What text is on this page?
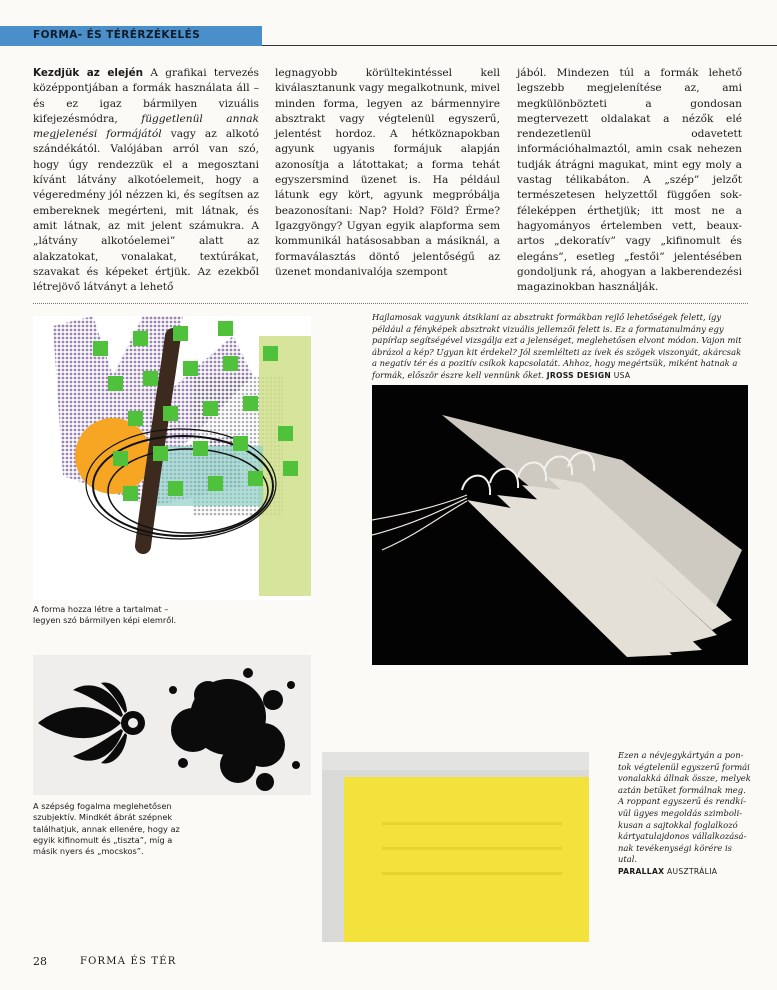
FORMA- ÉS TÉRÉRZÉKELÉS
Kezdjük az elején A grafikai tervezés középpontjában a formák használata áll – és ez igaz bármilyen vizuális kifejezésmódra, függetlenül annak megjelenési formájától vagy az alkotó szándékától. Valójában arról van szó, hogy úgy rendezzük el a megosztani kívánt látvány alkotóelemeit, hogy a végeredmény jól nézzen ki, és segítsen az embereknek megérteni, mit látnak, és amit látnak, az mit jelent számukra. A „látvány alkotóelemei” alatt az alakzatokat, vonalakat, textúrákat, szavakat és képeket értjük. Az ezekből létrejövő látványt a lehető
legnagyobb körültekintéssel kell kiválasztanunk vagy megalkotnunk, mivel minden forma, legyen az bármennyire absztrakt vagy végtelenül egyszerű, jelentést hordoz. A hétköznapokban agyunk ugyanis formájuk alapján azonosítja a látottakat; a forma tehát egyszersmind üzenet is. Ha például látunk egy kört, agyunk megpróbálja beazonosítani: Nap? Hold? Föld? Érme? Igazgyöngy? Ugyan egyik alapforma sem kommunikál hatásosabban a másiknál, a formaválasztás döntő jelentőségű az üzenet mondanivalója szempont
jából. Mindezen túl a formák lehető legszebb megjelenítése az, ami megkülönbözteti a gondosan megtervezett oldalakat a nézők elé rendezetlenül odavetett információhalmaztól, amin csak nehezen tudják átrágni magukat, mint egy moly a vastag télikabáton. A „szép” jelzőt természetesen helyzettől függően sokféleképpen érthetjük; itt most ne a hagyományos értelemben vett, beaux-artos „dekoratív” vagy „kifinomult és elegáns”, esetleg „festői” jelentésében gondoljunk rá, ahogyan a lakberendezési magazinokban használják.
A forma hozza létre a tartalmat – legyen szó bármilyen képi elemről.
Hajlamosak vagyunk átsiklani az absztrakt formákban rejlő lehetőségek felett, így például a fényképek absztrakt vizuális jellemzői felett is. Ez a formatanulmány egy papírlap segítségével vizsgálja ezt a jelenséget, meglehetősen elvont módon. Vajon mit ábrázol a kép? Ugyan kit érdekel? Jól szemlélteti az ívek és szögek viszonyát, akárcsak a negatív tér és a pozitív csíkok kapcsolatát. Ahhoz, hogy megértsük, miként hatnak a formák, először észre kell vennünk őket. JROSS DESIGN USA
A szépség fogalma meglehetősen szubjektív. Mindkét ábrát szépnek találhatjuk, annak ellenére, hogy az egyik kifinomult és „tiszta”, míg a másik nyers és „mocskos”.
Ezen a névjegykártyán a pontok végtelenül egyszerű formái vonalakká állnak össze, melyek aztán betűket formálnak meg. A roppant egyszerű és rendkívül ügyes megoldás szimbolikusan a sajtokkal foglalkozó kártyatulajdonos vállalkozásának tevékenységi körére is utal.
PARALLAX AUSZTRÁLIA
28	FORMA ÉS TÉR
